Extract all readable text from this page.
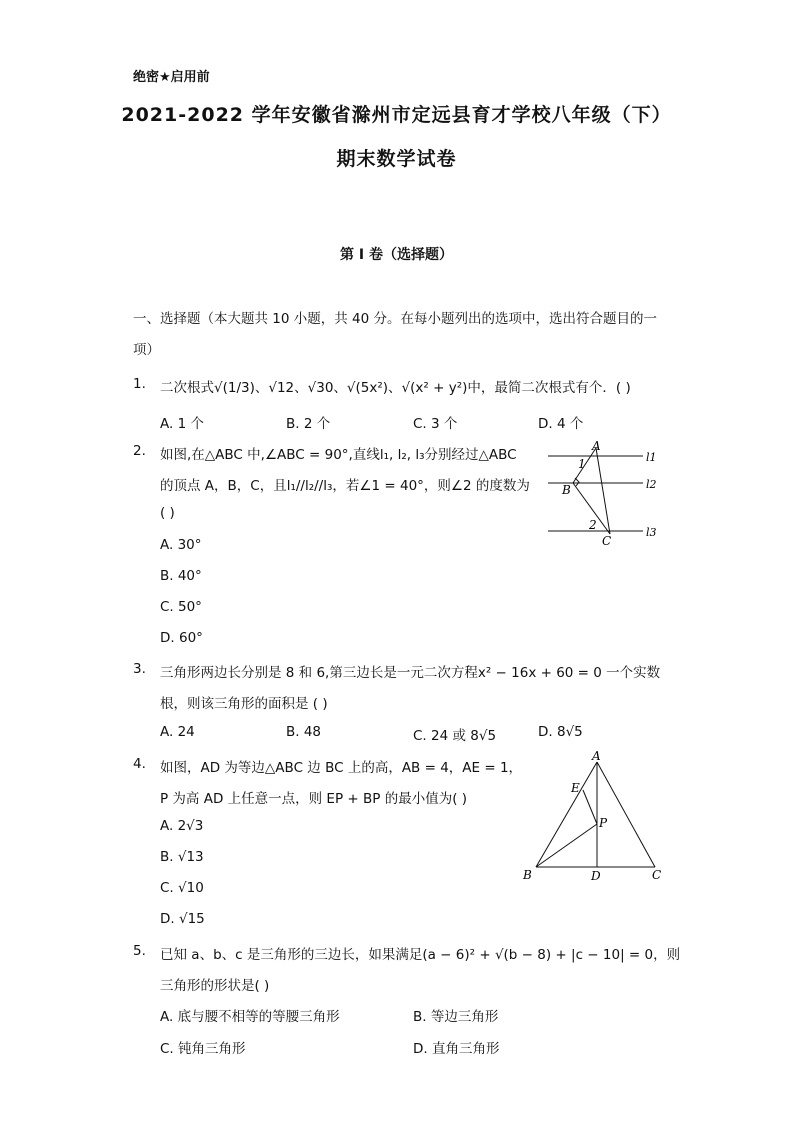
绝密★启用前
2021-2022 学年安徽省滁州市定远县育才学校八年级（下）
期末数学试卷
第 I 卷（选择题）
一、选择题（本大题共 10 小题，共 40 分。在每小题列出的选项中，选出符合题目的一
项）
1. 二次根式√(1/3)、√12、√30、√(5x²)、√(x² + y²)中，最简二次根式有个．( )
A. 1 个	B. 2 个	C. 3 个	D. 4 个
2. 如图,在△ABC 中,∠ABC = 90°,直线l₁, l₂, l₃分别经过△ABC
的顶点 A，B，C，且l₁//l₂//l₃，若∠1 = 40°，则∠2 的度数为
( )
A. 30°
B. 40°
C. 50°
D. 60°
A
B
C
1
2
l1
l2
l3
3. 三角形两边长分别是 8 和 6,第三边长是一元二次方程x² − 16x + 60 = 0 一个实数
根，则该三角形的面积是 ( )
A. 24	B. 48	C. 24 或 8√5	D. 8√5
4. 如图，AD 为等边△ABC 边 BC 上的高，AB = 4，AE = 1，
P 为高 AD 上任意一点，则 EP + BP 的最小值为( )
A. 2√3
B. √13
C. √10
D. √15
A
E
P
B	D	C
5. 已知 a、b、c 是三角形的三边长，如果满足(a − 6)² + √(b − 8) + |c − 10| = 0，则
三角形的形状是( )
A. 底与腰不相等的等腰三角形	B. 等边三角形
C. 钝角三角形	D. 直角三角形
